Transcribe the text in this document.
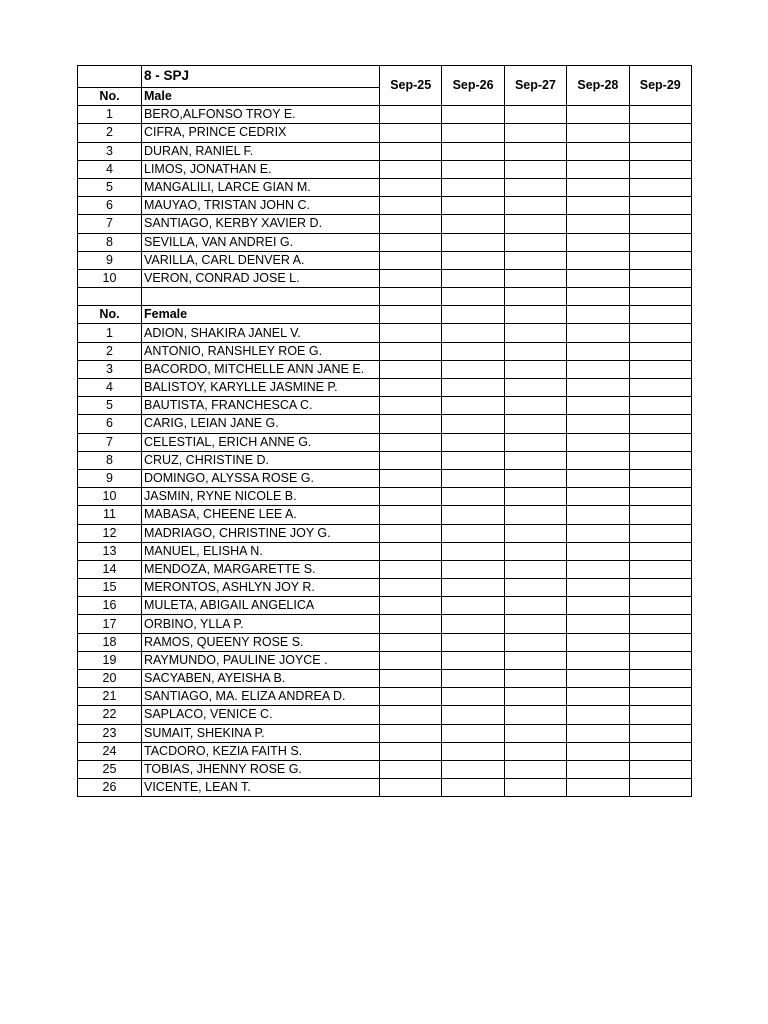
	8 - SPJ	Sep-25	Sep-26	Sep-27	Sep-28	Sep-29
No.	Male					
1	BERO,ALFONSO TROY E.					
2	CIFRA, PRINCE CEDRIX					
3	DURAN, RANIEL F.					
4	LIMOS, JONATHAN E.					
5	MANGALILI, LARCE GIAN M.					
6	MAUYAO, TRISTAN JOHN C.					
7	SANTIAGO, KERBY XAVIER D.					
8	SEVILLA, VAN ANDREI G.					
9	VARILLA, CARL DENVER A.					
10	VERON, CONRAD JOSE L.					

No.	Female					
1	ADION, SHAKIRA JANEL V.					
2	ANTONIO, RANSHLEY ROE G.					
3	BACORDO, MITCHELLE ANN JANE E.					
4	BALISTOY, KARYLLE JASMINE P.					
5	BAUTISTA, FRANCHESCA C.					
6	CARIG, LEIAN JANE G.					
7	CELESTIAL, ERICH ANNE G.					
8	CRUZ, CHRISTINE D.					
9	DOMINGO, ALYSSA ROSE G.					
10	JASMIN, RYNE NICOLE B.					
11	MABASA, CHEENE LEE A.					
12	MADRIAGO, CHRISTINE JOY G.					
13	MANUEL, ELISHA N.					
14	MENDOZA, MARGARETTE S.					
15	MERONTOS, ASHLYN JOY R.					
16	MULETA, ABIGAIL ANGELICA					
17	ORBINO, YLLA P.					
18	RAMOS, QUEENY ROSE S.					
19	RAYMUNDO, PAULINE JOYCE .					
20	SACYABEN, AYEISHA B.					
21	SANTIAGO, MA. ELIZA ANDREA D.					
22	SAPLACO, VENICE C.					
23	SUMAIT, SHEKINA P.					
24	TACDORO, KEZIA FAITH S.					
25	TOBIAS, JHENNY ROSE G.					
26	VICENTE, LEAN T.					
